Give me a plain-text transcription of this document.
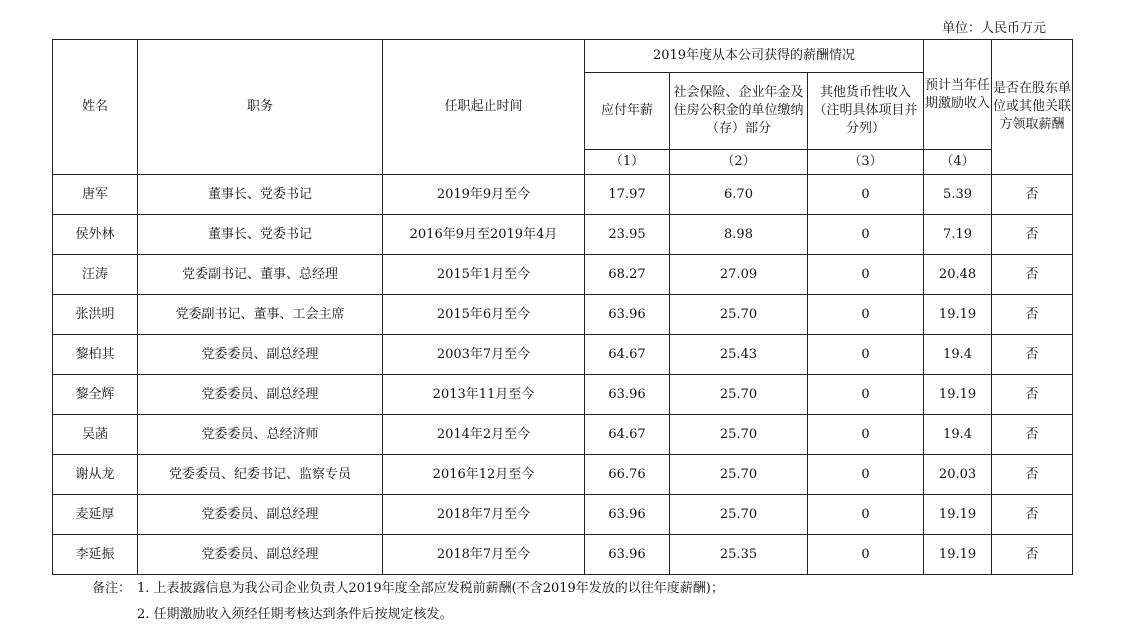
单位：人民币万元
姓名	职务	任职起止时间	2019年度从本公司获得的薪酬情况			预计当年任期激励收入	是否在股东单位或其他关联方领取薪酬
			应付年薪	社会保险、企业年金及住房公积金的单位缴纳（存）部分	其他货币性收入（注明具体项目并分列）		
			（1）	（2）	（3）	（4）	
唐军	董事长、党委书记	2019年9月至今	17.97	6.70	0	5.39	否
侯外林	董事长、党委书记	2016年9月至2019年4月	23.95	8.98	0	7.19	否
汪涛	党委副书记、董事、总经理	2015年1月至今	68.27	27.09	0	20.48	否
张洪明	党委副书记、董事、工会主席	2015年6月至今	63.96	25.70	0	19.19	否
黎柏其	党委委员、副总经理	2003年7月至今	64.67	25.43	0	19.4	否
黎全辉	党委委员、副总经理	2013年11月至今	63.96	25.70	0	19.19	否
吴菡	党委委员、总经济师	2014年2月至今	64.67	25.70	0	19.4	否
谢从龙	党委委员、纪委书记、监察专员	2016年12月至今	66.76	25.70	0	20.03	否
麦延厚	党委委员、副总经理	2018年7月至今	63.96	25.70	0	19.19	否
李延振	党委委员、副总经理	2018年7月至今	63.96	25.35	0	19.19	否
备注： 1. 上表披露信息为我公司企业负责人2019年度全部应发税前薪酬(不含2019年发放的以往年度薪酬)；
2. 任期激励收入须经任期考核达到条件后按规定核发。
